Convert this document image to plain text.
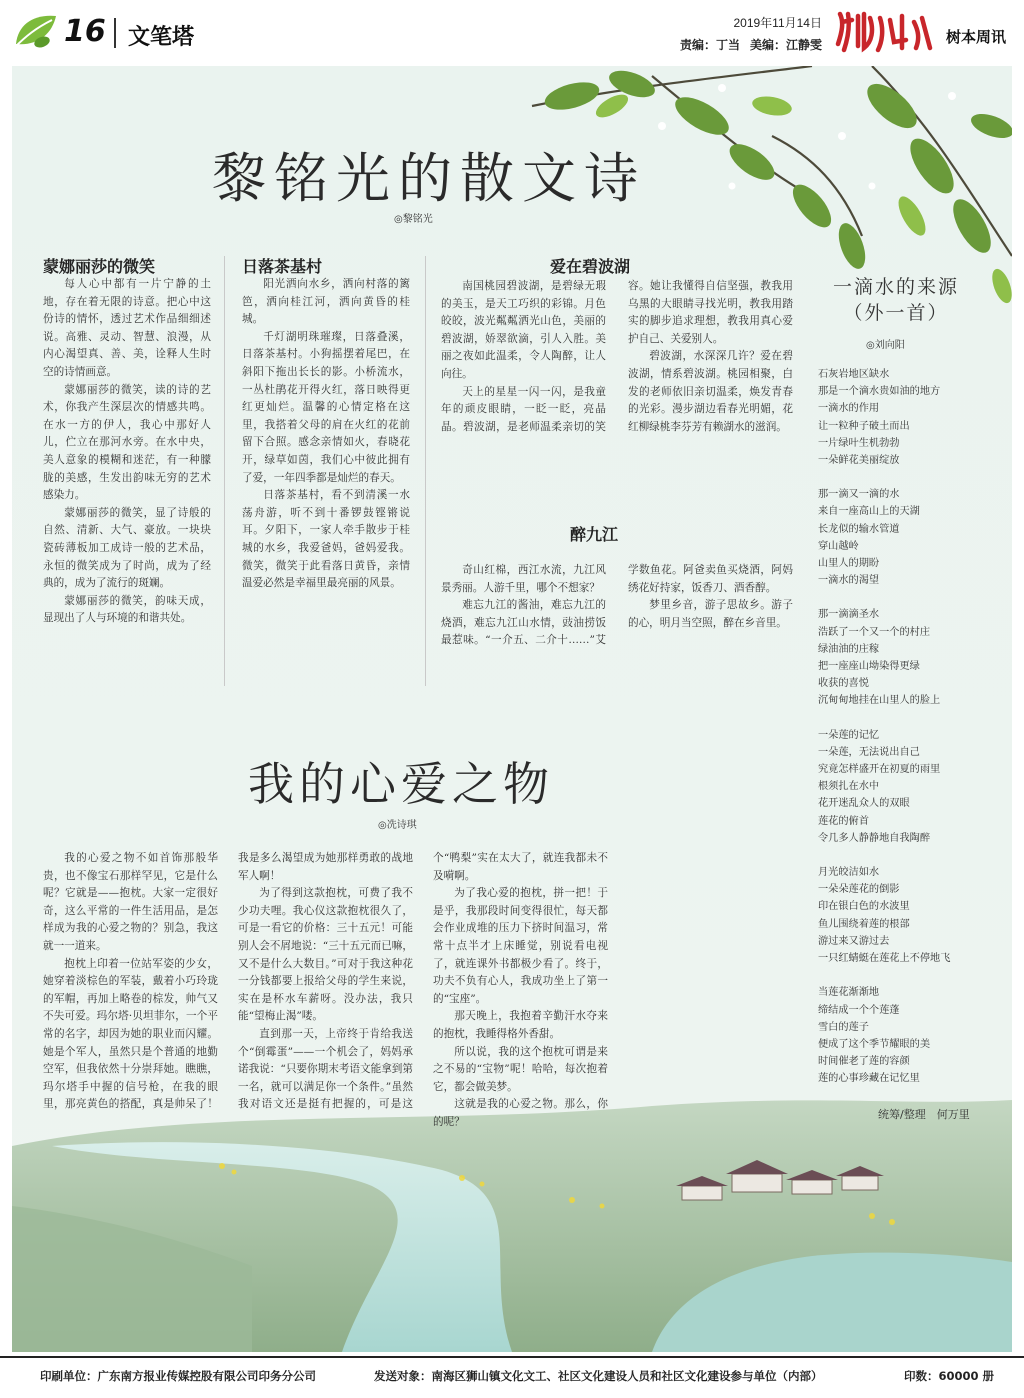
16 文笔塔
2019年11月14日
责编：丁当 美编：江静雯	树本周讯
黎铭光的散文诗
◎黎铭光
蒙娜丽莎的微笑

每人心中都有一片宁静的土地，存在着无限的诗意。把心中这份诗的情怀，透过艺术作品细细述说。高雅、灵动、智慧、浪漫，从内心渴望真、善、美，诠释人生时空的诗情画意。

蒙娜丽莎的微笑，读的诗的艺术，你我产生深层次的情感共鸣。在水一方的伊人，我心中那好人儿，伫立在那河水旁。在水中央，美人意象的模糊和迷茫，有一种朦胧的美感，生发出韵味无穷的艺术感染力。

蒙娜丽莎的微笑，显了诗般的自然、清新、大气、豪放。一块块瓷砖薄板加工成诗一般的艺术品，永恒的微笑成为了时尚，成为了经典的，成为了流行的斑斓。

蒙娜丽莎的微笑，韵味天成，显现出了人与环境的和谐共处。

日落茶基村

阳光洒向水乡，洒向村落的篱笆，洒向桂江河，洒向黄昏的桂城。

千灯湖明珠璀璨，日落叠溪，日落茶基村。小狗摇摆着尾巴，在斜阳下拖出长长的影。小桥流水，一丛杜鹃花开得火红，落日映得更红更灿烂。温馨的心情定格在这里，我搭着父母的肩在火红的花前留下合照。感念亲情如火，春晓花开，绿草如茵，我们心中彼此拥有了爱，一年四季都是灿烂的春天。

日落茶基村，看不到清溪一水荡舟游，听不到十番锣鼓铿锵说耳。夕阳下，一家人牵手散步于桂城的水乡，我爱爸妈，爸妈爱我。微笑，微笑于此看落日黄昏，亲情温爱必然是幸福里最亮丽的风景。

爱在碧波湖

南国桃园碧波湖，是碧绿无瑕的美玉，是天工巧织的彩锦。月色皎皎，波光粼粼洒光山色，美丽的碧波湖，娇翠欲滴，引人入胜。美丽之夜如此温柔，令人陶醉，让人向往。

天上的星星一闪一闪，是我童年的顽皮眼睛，一眨一眨，亮晶晶。碧波湖，是老师温柔亲切的笑容。她让我懂得自信坚强，教我用乌黑的大眼睛寻找光明，教我用踏实的脚步追求理想，教我用真心爱护自己、关爱别人。

碧波湖，水深深几许？爱在碧波湖，情系碧波湖。桃园相聚，白发的老师依旧亲切温柔，焕发青春的光彩。漫步湖边看春光明媚，花红柳绿桃李芬芳有赖湖水的滋润。

醉九江

奇山红棉，西江水流，九江风景秀丽。人游千里，哪个不想家？

难忘九江的酱油，难忘九江的烧酒，难忘九江山水情，豉油捞饭最惹味。“一介五、二介十……”艾学数鱼花。阿爸卖鱼买烧酒，阿妈绣花好持家，饭香刀、酒香醇。

梦里乡音，游子思故乡。游子的心，明月当空照，醉在乡音里。

我的心爱之物
◎冼诗琪

我的心爱之物不如首饰那般华贵，也不像宝石那样罕见，它是什么呢？它就是——抱枕。大家一定很好奇，这么平常的一件生活用品，是怎样成为我的心爱之物的？别急，我这就一一道来。

抱枕上印着一位站军姿的少女，她穿着淡棕色的军装，戴着小巧玲珑的军帽，再加上略卷的棕发，帅气又不失可爱。玛尔塔·贝坦菲尔，一个平常的名字，却因为她的职业而闪耀。她是个军人，虽然只是个普通的地勤空军，但我依然十分崇拜她。瞧瞧，玛尔塔手中握的信号枪，在我的眼里，那亮黄色的搭配，真是帅呆了！我是多么渴望成为她那样勇敢的战地军人啊！

为了得到这款抱枕，可费了我不少功夫哩。我心仪这款抱枕很久了，可是一看它的价格：三十五元！可能别人会不屑地说：“三十五元而已嘛，又不是什么大数目。”可对于我这种花一分钱都要上报给父母的学生来说，实在是杯水车薪呀。没办法，我只能“望梅止渴”喽。

直到那一天，上帝终于肯给我送个“倒霉蛋”——一个机会了，妈妈承诺我说：“只要你期末考语文能拿到第一名，就可以满足你一个条件。”虽然我对语文还是挺有把握的，可是这个“鸭梨”实在太大了，就连我都未不及嗬啊。

为了我心爱的抱枕，拼一把！于是乎，我那段时间变得很忙，每天都会作业成堆的压力下挤时间温习，常常十点半才上床睡觉，别说看电视了，就连课外书都极少看了。终于，功夫不负有心人，我成功坐上了第一的“宝座”。

那天晚上，我抱着辛勤汗水夺来的抱枕，我睡得格外香甜。

所以说，我的这个抱枕可谓是来之不易的“宝物”呢！哈哈，每次抱着它，都会做美梦。

这就是我的心爱之物。那么，你的呢？

一滴水的来源
（外一首）
◎刘向阳
石灰岩地区缺水
那是一个滴水贵如油的地方
一滴水的作用
让一粒种子破土而出
一片绿叶生机勃勃
一朵鲜花美丽绽放
那一滴又一滴的水
来自一座高山上的天湖
长龙似的输水管道
穿山越岭
山里人的期盼
一滴水的渴望
那一滴滴圣水
浩跃了一个又一个的村庄
绿油油的庄稼
把一座座山坳染得更绿
收获的喜悦
沉甸甸地挂在山里人的脸上
一朵莲的记忆
一朵莲，无法说出自己
究竟怎样盛开在初夏的雨里
根须扎在水中
花开迷乱众人的双眼
莲花的俯首
令几多人静静地自我陶醉
月光皎洁如水
一朵朵莲花的倒影
印在银白色的水波里
鱼儿围绕着莲的根部
游过来又游过去
一只红蜻蜓在莲花上不停地飞
当莲花渐渐地
缔结成一个个莲蓬
雪白的莲子
便成了这个季节耀眼的美
时间催老了莲的容颜
莲的心事珍藏在记忆里
统筹/整理　何万里
印刷单位：广东南方报业传媒控股有限公司印务分公司	发送对象：南海区狮山镇文化文工、社区文化建设人员和社区文化建设参与单位（内部）	印数：60000 册
